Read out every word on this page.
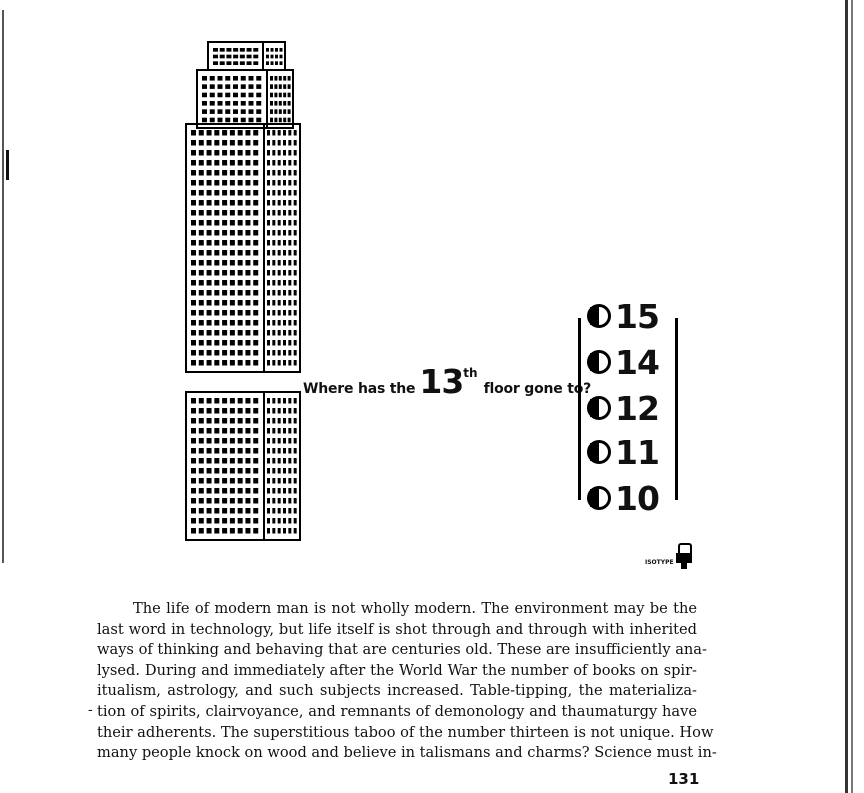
Where has the 13thfloor gone to?
15
14
12
11
10
ISOTYPE
The life of modern man is not wholly modern. The environment may be the
last word in technology, but life itself is shot through and through with inherited
ways of thinking and behaving that are centuries old. These are insufficiently ana-
lysed. During and immediately after the World War the number of books on spir-
itualism, astrology, and such subjects increased. Table-tipping, the materializa-
tion of spirits, clairvoyance, and remnants of demonology and thaumaturgy have
their adherents. The superstitious taboo of the number thirteen is not unique. How
many people knock on wood and believe in talismans and charms? Science must in-
-
131
